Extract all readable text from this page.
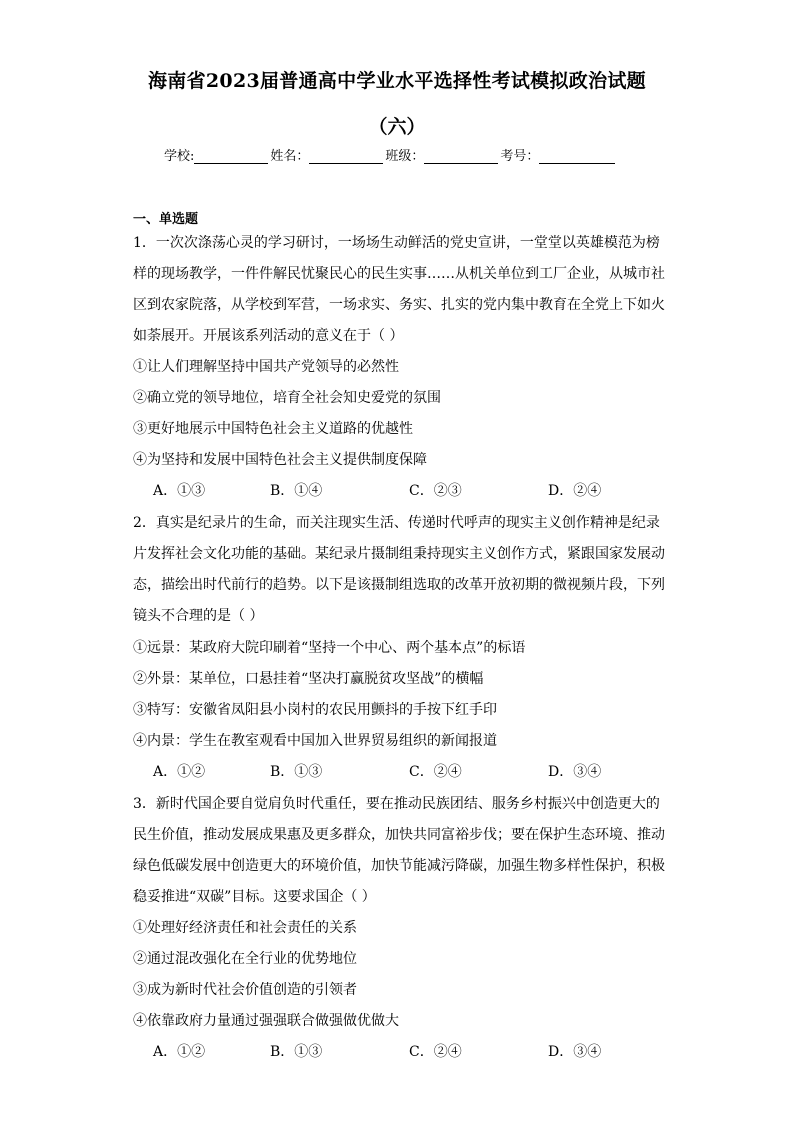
海南省2023届普通高中学业水平选择性考试模拟政治试题
（六）
学校:	姓名：	班级：	考号：
一、单选题
1．一次次涤荡心灵的学习研讨，一场场生动鲜活的党史宣讲，一堂堂以英雄模范为榜
样的现场教学，一件件解民忧聚民心的民生实事……从机关单位到工厂企业，从城市社
区到农家院落，从学校到军营，一场求实、务实、扎实的党内集中教育在全党上下如火
如荼展开。开展该系列活动的意义在于（ ）
①让人们理解坚持中国共产党领导的必然性
②确立党的领导地位，培育全社会知史爱党的氛围
③更好地展示中国特色社会主义道路的优越性
④为坚持和发展中国特色社会主义提供制度保障
A．①③	B．①④	C．②③	D．②④
2．真实是纪录片的生命，而关注现实生活、传递时代呼声的现实主义创作精神是纪录
片发挥社会文化功能的基础。某纪录片摄制组秉持现实主义创作方式，紧跟国家发展动
态，描绘出时代前行的趋势。以下是该摄制组选取的改革开放初期的微视频片段，下列
镜头不合理的是（ ）
①远景：某政府大院印刷着“坚持一个中心、两个基本点”的标语
②外景：某单位，口悬挂着“坚决打赢脱贫攻坚战”的横幅
③特写：安徽省凤阳县小岗村的农民用颤抖的手按下红手印
④内景：学生在教室观看中国加入世界贸易组织的新闻报道
A．①②	B．①③	C．②④	D．③④
3．新时代国企要自觉肩负时代重任，要在推动民族团结、服务乡村振兴中创造更大的
民生价值，推动发展成果惠及更多群众，加快共同富裕步伐；要在保护生态环境、推动
绿色低碳发展中创造更大的环境价值，加快节能减污降碳，加强生物多样性保护，积极
稳妥推进“双碳”目标。这要求国企（ ）
①处理好经济责任和社会责任的关系
②通过混改强化在全行业的优势地位
③成为新时代社会价值创造的引领者
④依靠政府力量通过强强联合做强做优做大
A．①②	B．①③	C．②④	D．③④
